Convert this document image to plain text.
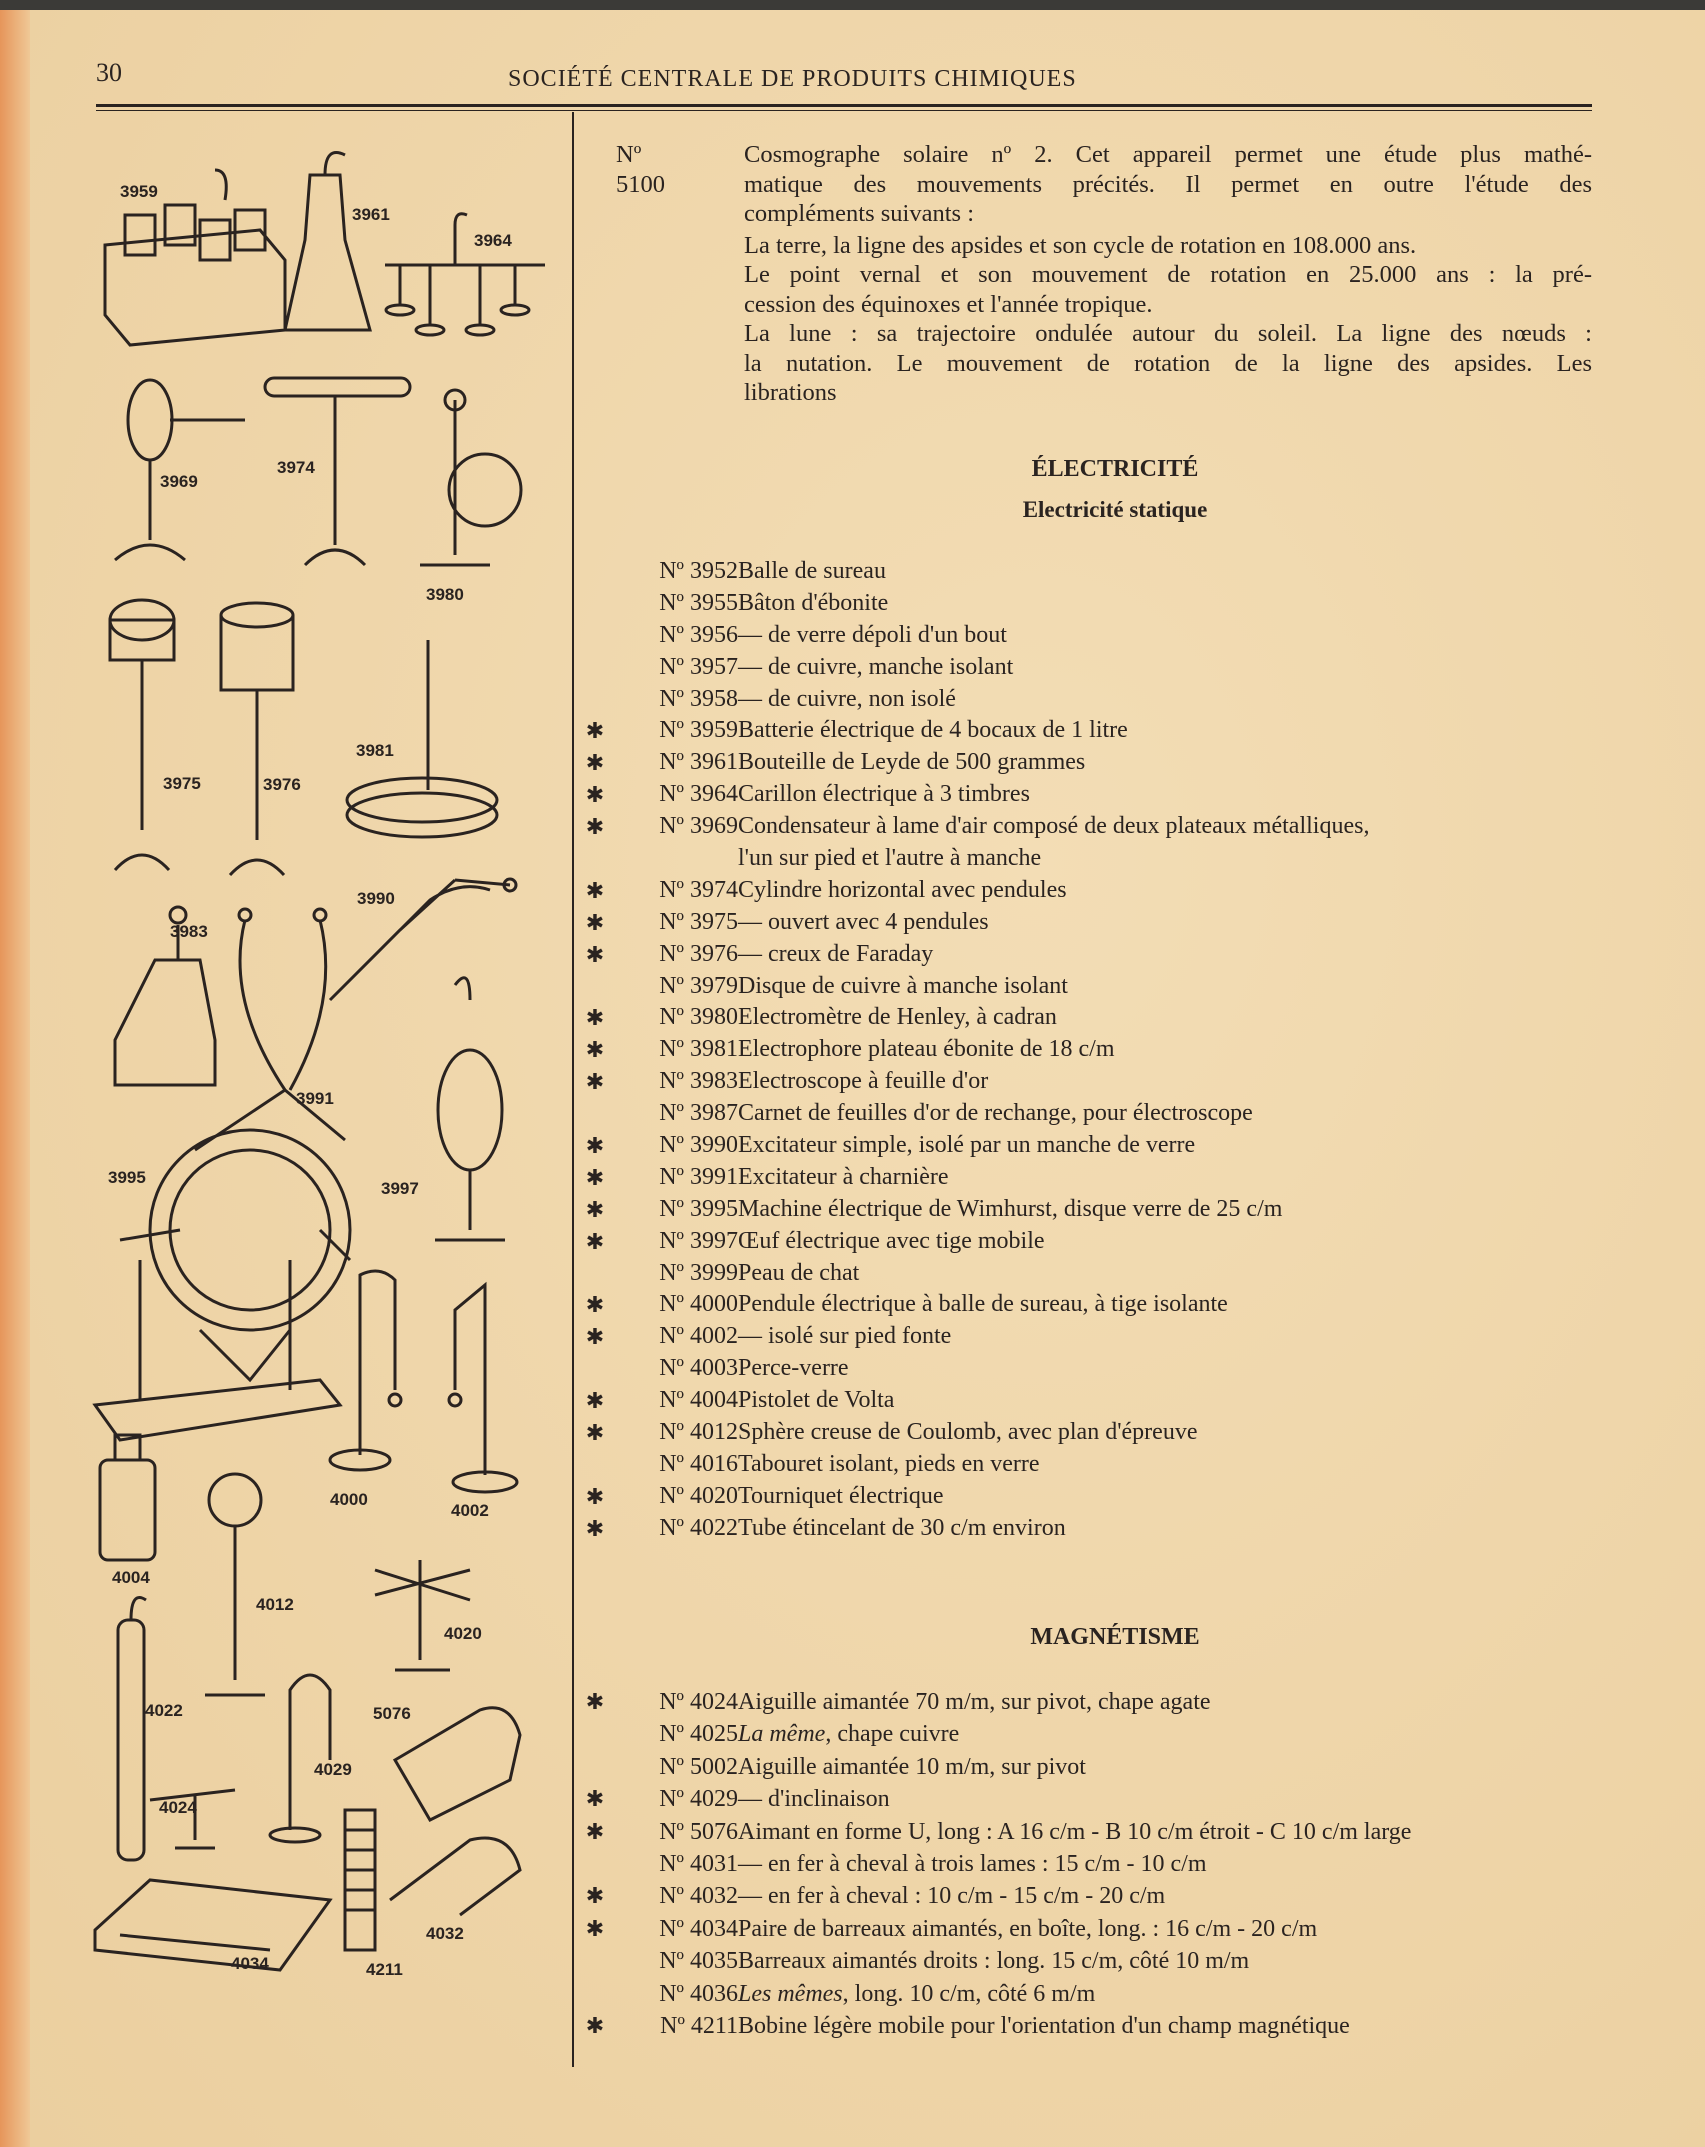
30	SOCIÉTÉ CENTRALE DE PRODUITS CHIMIQUES
3959
3961
3964
3969
3974
3980
3975	3976
3981
3983
3990
3991
3995
3997
4000
4002
4004
4012
4020
4022	5076
4029
4024
4032
4034	4211
Nº 5100
Cosmographe solaire nº 2. Cet appareil permet une étude plus mathé-
matique des mouvements précités. Il permet en outre l'étude des
compléments suivants :
La terre, la ligne des apsides et son cycle de rotation en 108.000 ans.
Le point vernal et son mouvement de rotation en 25.000 ans : la pré-
cession des équinoxes et l'année tropique.
La lune : sa trajectoire ondulée autour du soleil. La ligne des nœuds :
la nutation. Le mouvement de rotation de la ligne des apsides. Les
librations
ÉLECTRICITÉ
Electricité statique
Nº 3952 Balle de sureau
Nº 3955 Bâton d'ébonite
Nº 3956 — de verre dépoli d'un bout
Nº 3957 — de cuivre, manche isolant
Nº 3958 — de cuivre, non isolé
✱	Nº 3959 Batterie électrique de 4 bocaux de 1 litre
✱	Nº 3961 Bouteille de Leyde de 500 grammes
✱	Nº 3964 Carillon électrique à 3 timbres
✱	Nº 3969 Condensateur à lame d'air composé de deux plateaux métalliques,
l'un sur pied et l'autre à manche
✱	Nº 3974 Cylindre horizontal avec pendules
✱	Nº 3975 — ouvert avec 4 pendules
✱	Nº 3976 — creux de Faraday
Nº 3979 Disque de cuivre à manche isolant
✱	Nº 3980 Electromètre de Henley, à cadran
✱	Nº 3981 Electrophore plateau ébonite de 18 c/m
✱	Nº 3983 Electroscope à feuille d'or
Nº 3987 Carnet de feuilles d'or de rechange, pour électroscope
✱	Nº 3990 Excitateur simple, isolé par un manche de verre
✱	Nº 3991 Excitateur à charnière
✱	Nº 3995 Machine électrique de Wimhurst, disque verre de 25 c/m
✱	Nº 3997 Œuf électrique avec tige mobile
Nº 3999 Peau de chat
✱	Nº 4000 Pendule électrique à balle de sureau, à tige isolante
✱	Nº 4002 — isolé sur pied fonte
Nº 4003 Perce-verre
✱	Nº 4004 Pistolet de Volta
✱	Nº 4012 Sphère creuse de Coulomb, avec plan d'épreuve
Nº 4016 Tabouret isolant, pieds en verre
✱	Nº 4020 Tourniquet électrique
✱	Nº 4022 Tube étincelant de 30 c/m environ
MAGNÉTISME
✱	Nº 4024 Aiguille aimantée 70 m/m, sur pivot, chape agate
Nº 4025 La même, chape cuivre
Nº 5002 Aiguille aimantée 10 m/m, sur pivot
✱	Nº 4029 — d'inclinaison
✱	Nº 5076 Aimant en forme U, long : A 16 c/m - B 10 c/m étroit - C 10 c/m large
Nº 4031 — en fer à cheval à trois lames : 15 c/m - 10 c/m
✱	Nº 4032 — en fer à cheval : 10 c/m - 15 c/m - 20 c/m
✱	Nº 4034 Paire de barreaux aimantés, en boîte, long. : 16 c/m - 20 c/m
Nº 4035 Barreaux aimantés droits : long. 15 c/m, côté 10 m/m
Nº 4036 Les mêmes, long. 10 c/m, côté 6 m/m
✱	Nº 4211 Bobine légère mobile pour l'orientation d'un champ magnétique
